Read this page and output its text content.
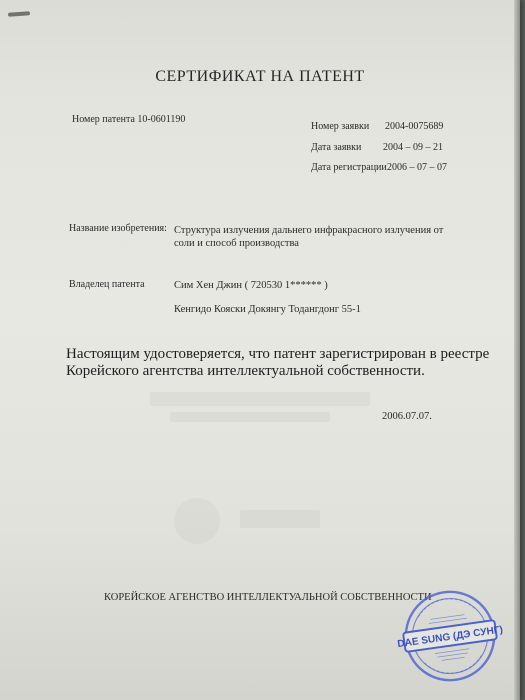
СЕРТИФИКАТ НА ПАТЕНТ

Номер патента 10-0601190

Номер заявки 2004-0075689

Дата заявки 2004 – 09 – 21

Дата регистрации 2006 – 07 – 07

Название изобретения: Структура излучения дальнего инфракрасного излучения от

соли и способ производства

Владелец патента	Сим Хен Джин ( 720530 1****** )

Кенгидо Кояски Докянгу Тодангдонг 55-1

Настоящим удостоверяется, что патент зарегистрирован в реестре

Корейского агентства интеллектуальной собственности.

2006.07.07.

КОРЕЙСКОЕ АГЕНСТВО ИНТЕЛЛЕКТУАЛЬНОЙ СОБСТВЕННОСТИ

DAE SUNG (ДЭ СУНГ)
